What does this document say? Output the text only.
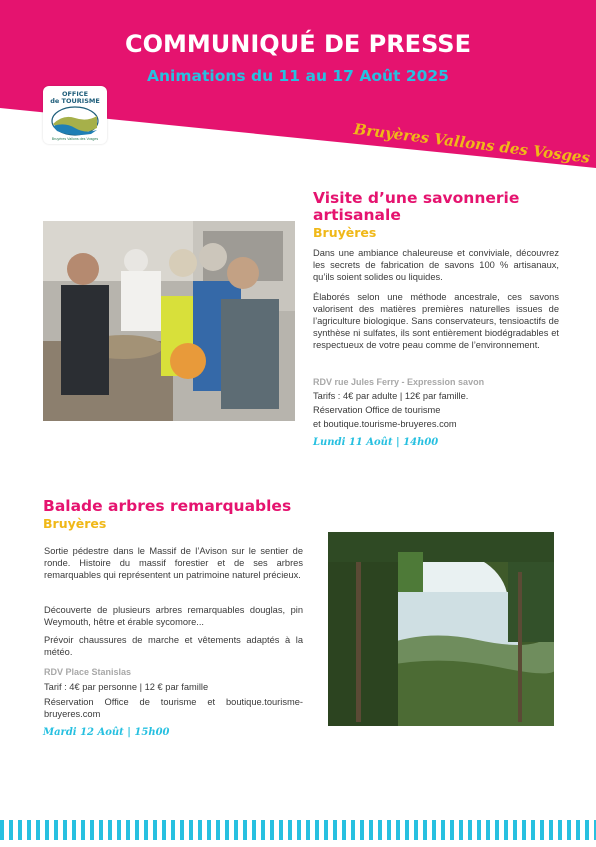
COMMUNIQUÉ DE PRESSE
Animations du 11 au 17 Août 2025
OFFICE
de TOURISME
Bruyères Vallons des Vosges	Bruyères Vallons des Vosges
Visite d’une savonnerie
artisanale
Bruyères

Dans une ambiance chaleureuse et conviviale, découvrez les secrets de fabrication de savons 100 % artisanaux, qu’ils soient solides ou liquides.

Élaborés selon une méthode ancestrale, ces savons valorisent des matières premières naturelles issues de l’agriculture biologique. Sans conservateurs, tensioactifs de synthèse ni sulfates, ils sont entièrement biodégradables et respectueux de votre peau comme de l’environnement.

RDV rue Jules Ferry - Expression savon

Tarifs : 4€ par adulte | 12€ par famille.

Réservation Office de tourisme

et boutique.tourisme-bruyeres.com

Lundi 11 Août | 14h00
Balade arbres remarquables
Bruyères

Sortie pédestre dans le Massif de l’Avison sur le sentier de ronde. Histoire du massif forestier et de ses arbres remarquables qui représentent un patrimoine naturel précieux.

Découverte de plusieurs arbres remarquables douglas, pin Weymouth, hêtre et érable sycomore...

Prévoir chaussures de marche et vêtements adaptés à la météo.

RDV Place Stanislas

Tarif : 4€ par personne | 12 € par famille

Réservation Office de tourisme et boutique.tourisme-bruyeres.com

Mardi 12 Août | 15h00
